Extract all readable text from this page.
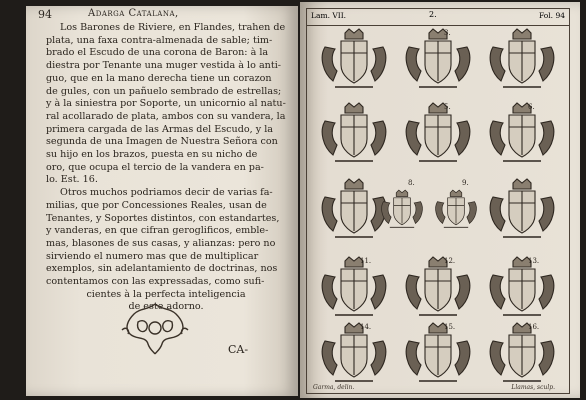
94	Adarga Catalana,

Los Barones de Riviere, en Flandes, trahen de
plata, una faxa contra-almenada de sable; tim-
brado el Escudo de una corona de Baron: à la
diestra por Tenante una muger vestida à lo anti-
guo, que en la mano derecha tiene un corazon
de gules, con un pañuelo sembrado de estrellas;
y à la siniestra por Soporte, un unicornio al natu-
ral acollarado de plata, ambos con su vandera, la
primera cargada de las Armas del Escudo, y la
segunda de una Imagen de Nuestra Señora con
su hijo en los brazos, puesta en su nicho de
oro, que ocupa el tercio de la vandera en pa-
lo. Est. 16.

Otros muchos podriamos decir de varias fa-
milias, que por Concessiones Reales, usan de
Tenantes, y Soportes distintos, con estandartes,
y vanderas, en que cifran geroglificos, emble-
mas, blasones de sus casas, y alianzas: pero no
sirviendo el numero mas que de multiplicar
exemplos, sin adelantamiento de doctrinas, nos
contentamos con las expressadas, como sufi-
cientes à la perfecta inteligencia
de este adorno.

CA-
Lam. VII.	2.	Fol. 94
3.
5.	6.
8.	9.
11.	12.	13.
14.	15.	16.
Garma, delin.	Llamas, sculp.
